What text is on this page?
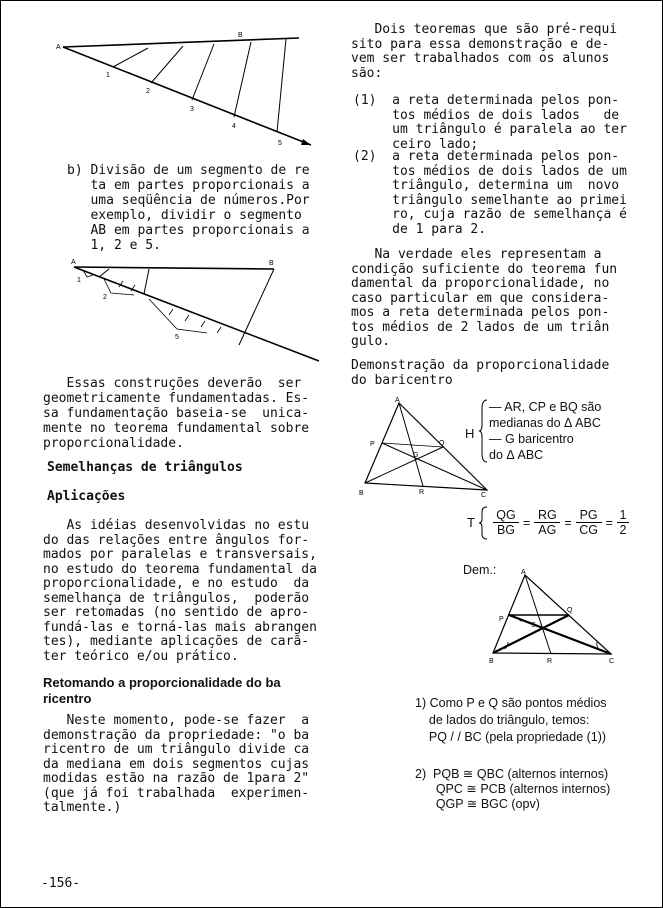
A
B
1
2
3
4
5
b) Divisão de um segmento de re
ta em partes proporcionais a
uma seqüência de números.Por
exemplo, dividir o segmento
AB em partes proporcionais a
1, 2 e 5.
A	B
1
2
5
Essas construções deverão  ser
geometricamente fundamentadas. Es-
sa fundamentação baseia-se  unica-
mente no teorema fundamental sobre
proporcionalidade.
Semelhanças de triângulos
Aplicações
As idéias desenvolvidas no estu
do das relações entre ângulos for-
mados por paralelas e transversais,
no estudo do teorema fundamental da
proporcionalidade, e no estudo  da
semelhança de triângulos,  poderão
ser retomadas (no sentido de apro-
fundá-las e torná-las mais abrangen
tes), mediante aplicações de carã-
ter teórico e/ou prático.
Retomando a proporcionalidade do ba
ricentro
Neste momento, pode-se fazer  a
demonstração da propriedade: "o ba
ricentro de um triângulo divide ca
da mediana em dois segmentos cujas
modidas estão na razão de 1para 2"
(que já foi trabalhada  experimen-
talmente.)
-156-
Dois teoremas que são pré-requi
sito para essa demonstração e de-
vem ser trabalhados com os alunos
são:
(1)  a reta determinada pelos pon-
tos médios de dois lados   de
um triângulo é paralela ao ter
ceiro lado;
(2)  a reta determinada pelos pon-
tos médios de dois lados de um
triângulo, determina um  novo
triângulo semelhante ao primei
ro, cuja razão de semelhança é
de 1 para 2.
Na verdade eles representam a
condição suficiente do teorema fun
damental da proporcionalidade, no
caso particular em que considera-
mos a reta determinada pelos pon-
tos médios de 2 lados de um triân
gulo.
Demonstração da proporcionalidade
do baricentro
A
B	C
P	Q
R
G
H
— AR, CP e BQ são
medianas do Δ ABC
— G baricentro
do Δ ABC
T QG
BG
=
RG
AG
=
PG
CG
=
1
2
Dem.:	A
B	C
P
Q
R
S
1) Como P e Q são pontos médios
de lados do triângulo, temos:
PQ / / BC (pela propriedade (1))
2)  PQB ≅ QBC (alternos internos)
QPC ≅ PCB (alternos internos)
QGP ≅ BGC (opv)
